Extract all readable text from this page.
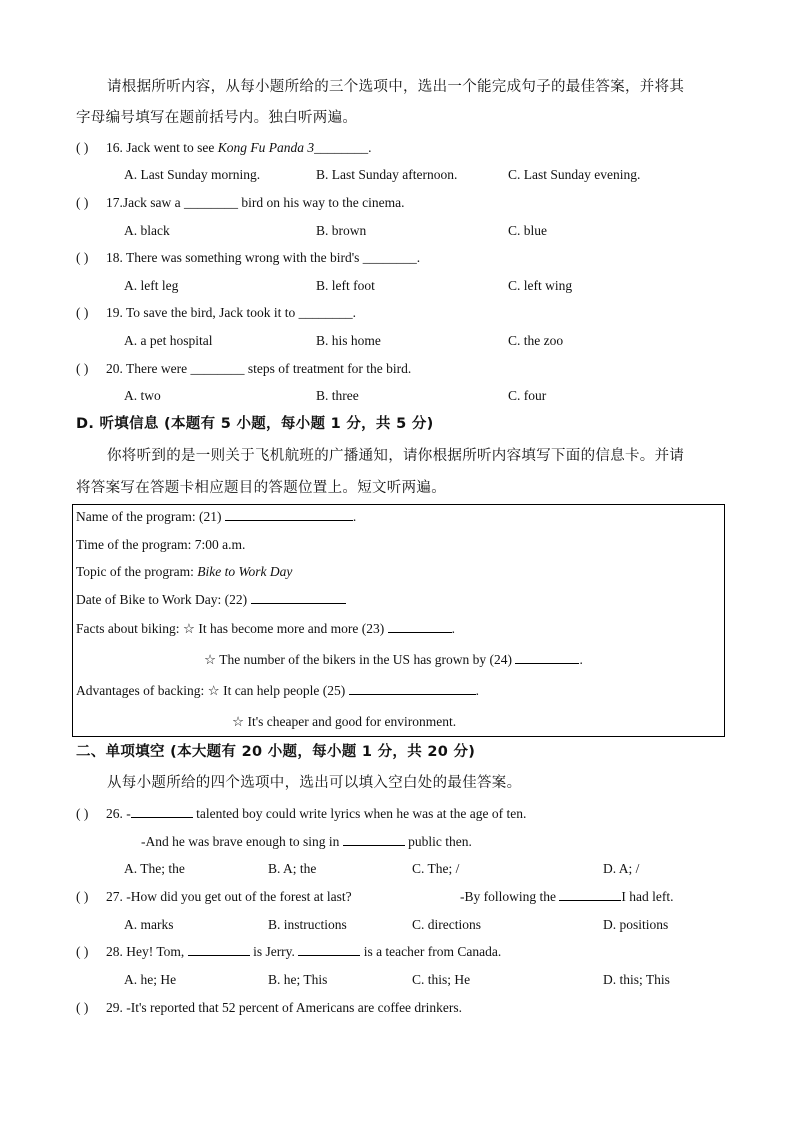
请根据所听内容，从每小题所给的三个选项中，选出一个能完成句子的最佳答案，并将其
字母编号填写在题前括号内。独白听两遍。
( ) 16. Jack went to see Kong Fu Panda 3________.
A. Last Sunday morning.	B. Last Sunday afternoon.	C. Last Sunday evening.
( ) 17.Jack saw a ________ bird on his way to the cinema.
A. black	B. brown	C. blue
( ) 18. There was something wrong with the bird's ________.
A. left leg	B. left foot	C. left wing
( ) 19. To save the bird, Jack took it to ________.
A. a pet hospital	B. his home	C. the zoo
( ) 20. There were ________ steps of treatment for the bird.
A. two	B. three	C. four
D. 听填信息 (本题有 5 小题，每小题 1 分，共 5 分)
你将听到的是一则关于飞机航班的广播通知，请你根据所听内容填写下面的信息卡。并请
将答案写在答题卡相应题目的答题位置上。短文听两遍。
Name of the program: (21)	.
Time of the program: 7:00 a.m.
Topic of the program: Bike to Work Day
Date of Bike to Work Day: (22)
Facts about biking: ☆ It has become more and more (23)	.
☆ The number of the bikers in the US has grown by (24)	.
Advantages of backing: ☆ It can help people (25)	.
☆ It's cheaper and good for environment.
二、单项填空 (本大题有 20 小题，每小题 1 分，共 20 分)
从每小题所给的四个选项中，选出可以填入空白处的最佳答案。
( ) 26. -	talented boy could write lyrics when he was at the age of ten.
-And he was brave enough to sing in	public then.
A. The; the	B. A; the	C. The; /	D. A; /
( ) 27. -How did you get out of the forest at last?	-By following the	I had left.
A. marks	B. instructions	C. directions	D. positions
( ) 28. Hey! Tom,	is Jerry.	is a teacher from Canada.
A. he; He	B. he; This	C. this; He	D. this; This
( ) 29. -It's reported that 52 percent of Americans are coffee drinkers.
